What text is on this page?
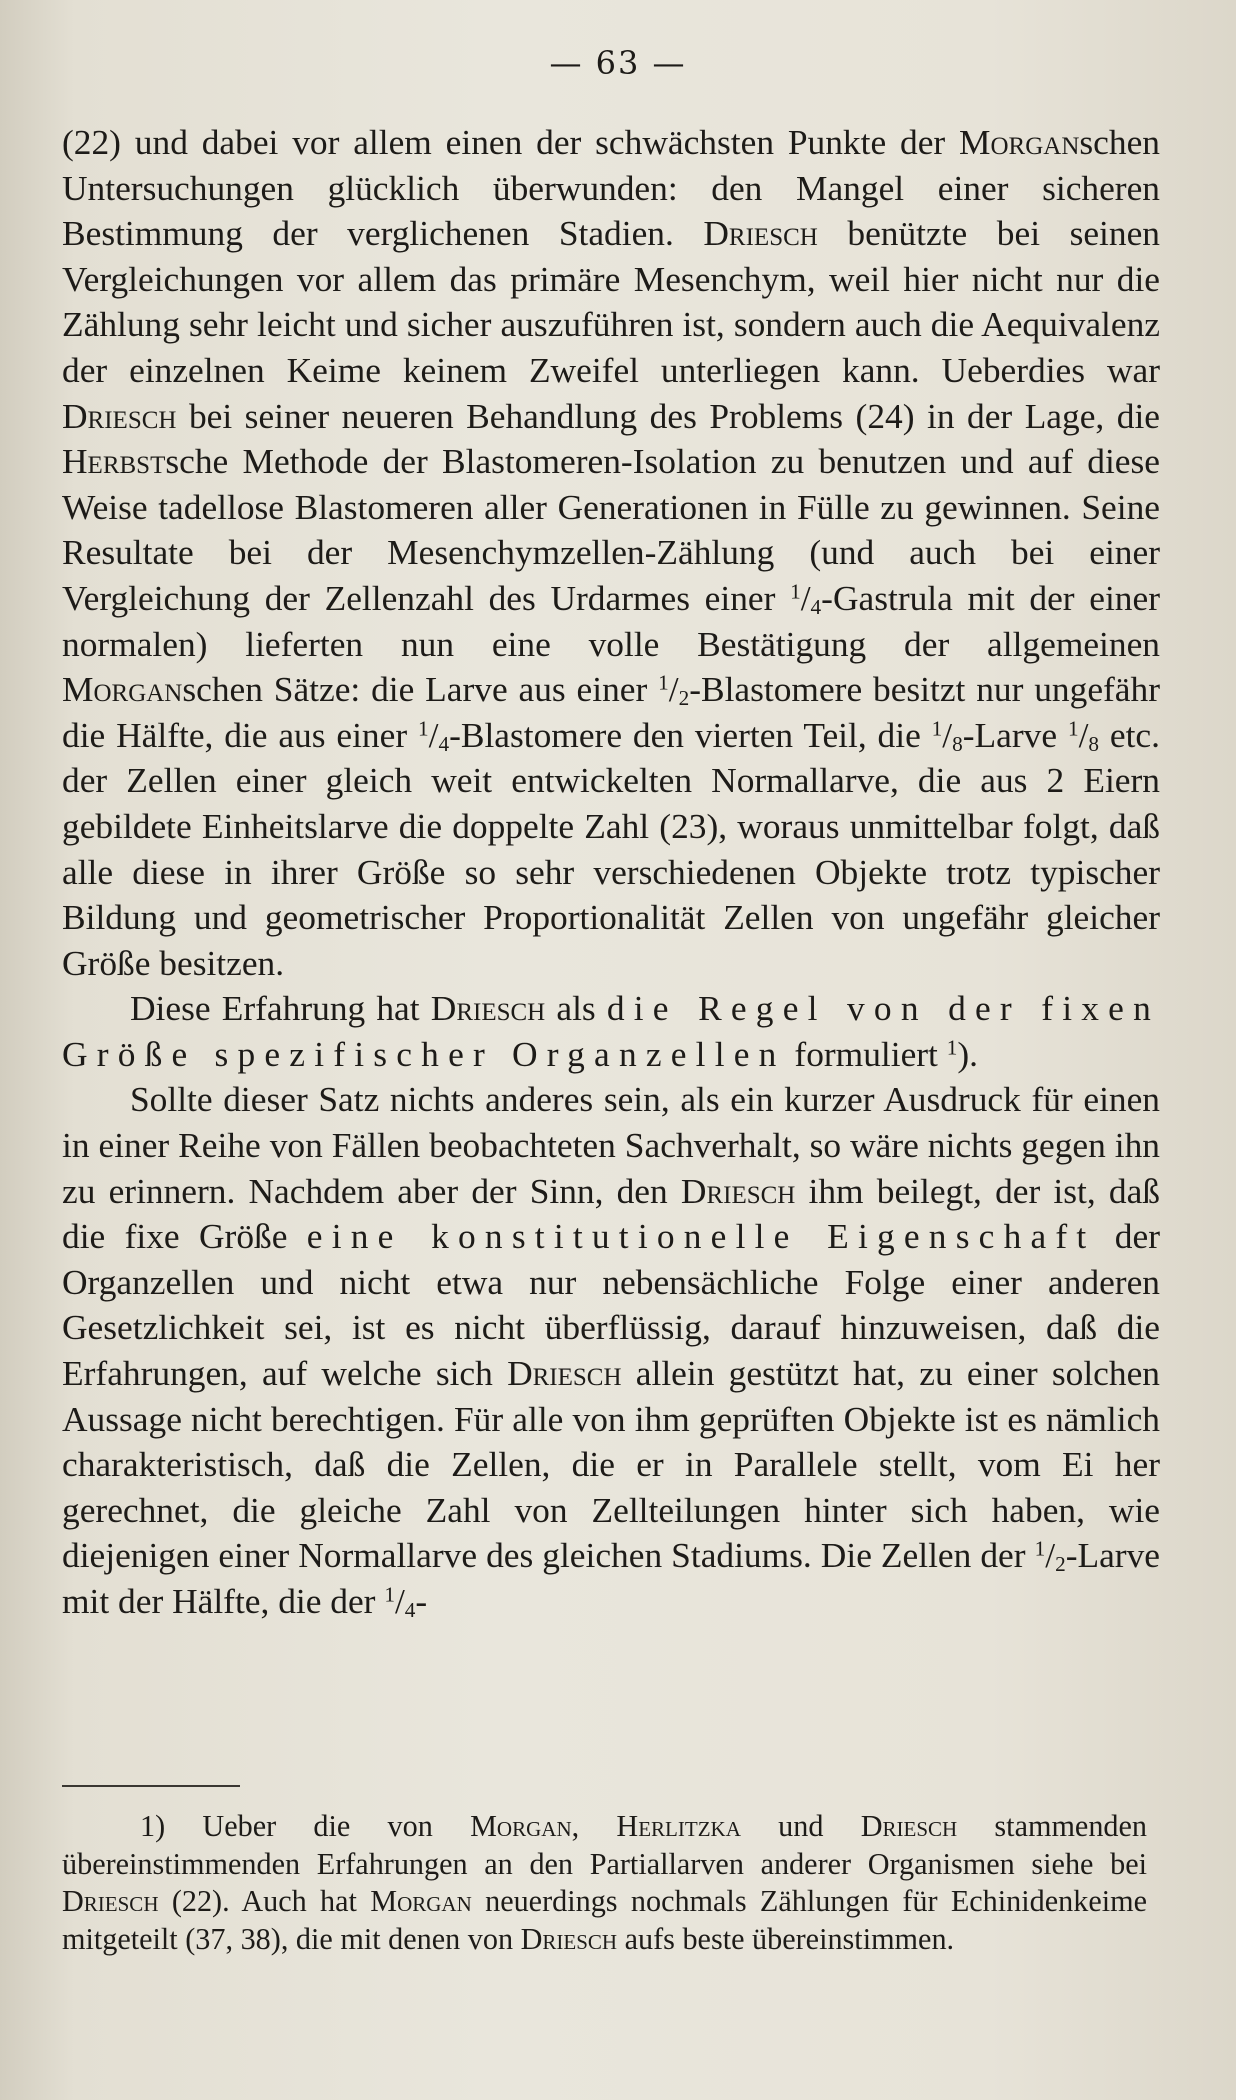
— 63 —

(22) und dabei vor allem einen der schwächsten Punkte der Morganschen Untersuchungen glücklich überwunden: den Mangel einer sicheren Bestimmung der verglichenen Stadien. Driesch benützte bei seinen Vergleichungen vor allem das primäre Mesenchym, weil hier nicht nur die Zählung sehr leicht und sicher auszuführen ist, sondern auch die Aequivalenz der einzelnen Keime keinem Zweifel unterliegen kann. Ueberdies war Driesch bei seiner neueren Behandlung des Problems (24) in der Lage, die Herbstsche Methode der Blastomeren-Isolation zu benutzen und auf diese Weise tadellose Blastomeren aller Generationen in Fülle zu gewinnen. Seine Resultate bei der Mesenchymzellen-Zählung (und auch bei einer Vergleichung der Zellenzahl des Urdarmes einer $^1/_4$-Gastrula mit der einer normalen) lieferten nun eine volle Bestätigung der allgemeinen Morganschen Sätze: die Larve aus einer $^1/_2$-Blastomere besitzt nur ungefähr die Hälfte, die aus einer $^1/_4$-Blastomere den vierten Teil, die $^1/_8$-Larve $^1/_8$ etc. der Zellen einer gleich weit entwickelten Normallarve, die aus 2 Eiern gebildete Einheitslarve die doppelte Zahl (23), woraus unmittelbar folgt, daß alle diese in ihrer Größe so sehr verschiedenen Objekte trotz typischer Bildung und geometrischer Proportionalität Zellen von ungefähr gleicher Größe besitzen.

Diese Erfahrung hat Driesch als die Regel von der fixen Größe spezifischer Organzellen formuliert $^1$).

Sollte dieser Satz nichts anderes sein, als ein kurzer Ausdruck für einen in einer Reihe von Fällen beobachteten Sachverhalt, so wäre nichts gegen ihn zu erinnern. Nachdem aber der Sinn, den Driesch ihm beilegt, der ist, daß die fixe Größe eine konstitutionelle Eigenschaft der Organzellen und nicht etwa nur nebensächliche Folge einer anderen Gesetzlichkeit sei, ist es nicht überflüssig, darauf hinzuweisen, daß die Erfahrungen, auf welche sich Driesch allein gestützt hat, zu einer solchen Aussage nicht berechtigen. Für alle von ihm geprüften Objekte ist es nämlich charakteristisch, daß die Zellen, die er in Parallele stellt, vom Ei her gerechnet, die gleiche Zahl von Zellteilungen hinter sich haben, wie diejenigen einer Normallarve des gleichen Stadiums. Die Zellen der $^1/_2$-Larve mit der Hälfte, die der $^1/_4-$

1) Ueber die von Morgan, Herlitzka und Driesch stammenden übereinstimmenden Erfahrungen an den Partiallarven anderer Organismen siehe bei Driesch (22). Auch hat Morgan neuerdings nochmals Zählungen für Echinidenkeime mitgeteilt (37, 38), die mit denen von Driesch aufs beste übereinstimmen.
